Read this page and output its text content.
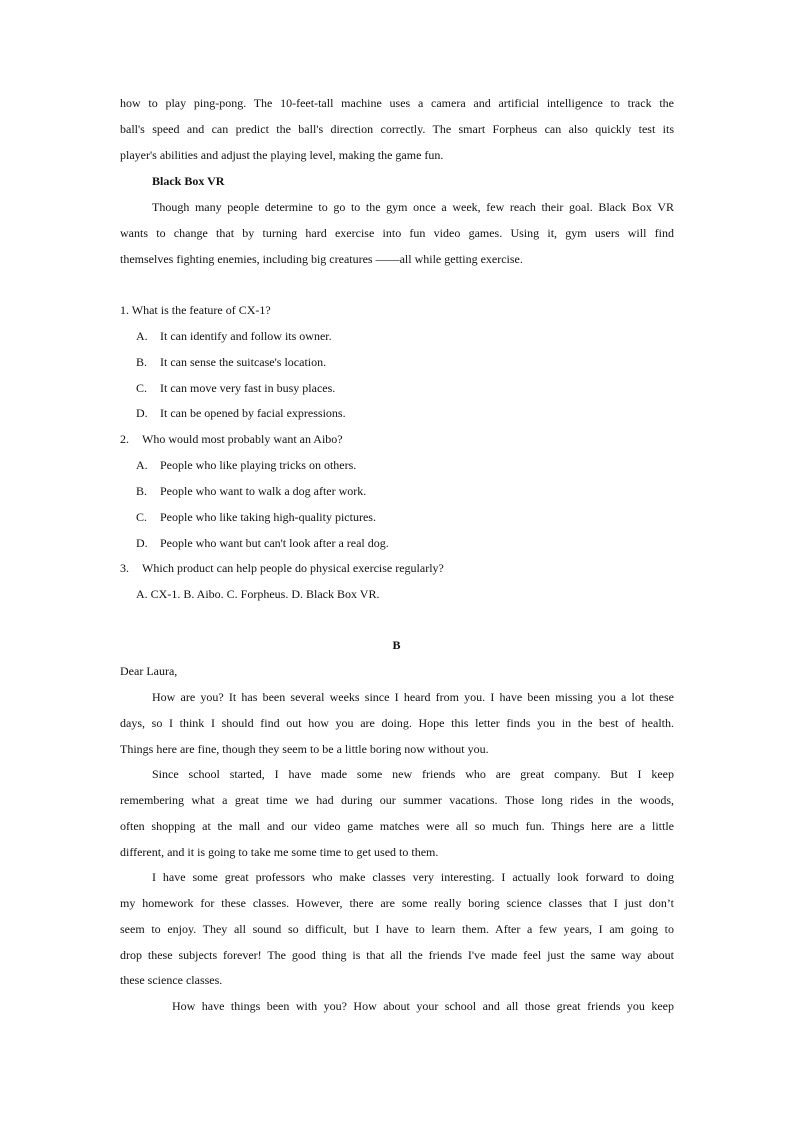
how to play ping-pong. The 10-feet-tall machine uses a camera and artificial intelligence to track the
ball's speed and can predict the ball's direction correctly. The smart Forpheus can also quickly test its
player's abilities and adjust the playing level, making the game fun.
Black Box VR
Though many people determine to go to the gym once a week, few reach their goal. Black Box VR
wants to change that by turning hard exercise into fun video games. Using it, gym users will find
themselves fighting enemies, including big creatures ——all while getting exercise.
1. What is the feature of CX-1?
A. It can identify and follow its owner.
B. It can sense the suitcase's location.
C. It can move very fast in busy places.
D. It can be opened by facial expressions.
2. Who would most probably want an Aibo?
A. People who like playing tricks on others.
B. People who want to walk a dog after work.
C. People who like taking high-quality pictures.
D. People who want but can't look after a real dog.
3. Which product can help people do physical exercise regularly?
A. CX-1. B. Aibo. C. Forpheus. D. Black Box VR.
B
Dear Laura,
How are you? It has been several weeks since I heard from you. I have been missing you a lot these
days, so I think I should find out how you are doing. Hope this letter finds you in the best of health.
Things here are fine, though they seem to be a little boring now without you.
Since school started, I have made some new friends who are great company. But I keep
remembering what a great time we had during our summer vacations. Those long rides in the woods,
often shopping at the mall and our video game matches were all so much fun. Things here are a little
different, and it is going to take me some time to get used to them.
I have some great professors who make classes very interesting. I actually look forward to doing
my homework for these classes. However, there are some really boring science classes that I just don’t
seem to enjoy. They all sound so difficult, but I have to learn them. After a few years, I am going to
drop these subjects forever! The good thing is that all the friends I've made feel just the same way about
these science classes.
How have things been with you? How about your school and all those great friends you keep
